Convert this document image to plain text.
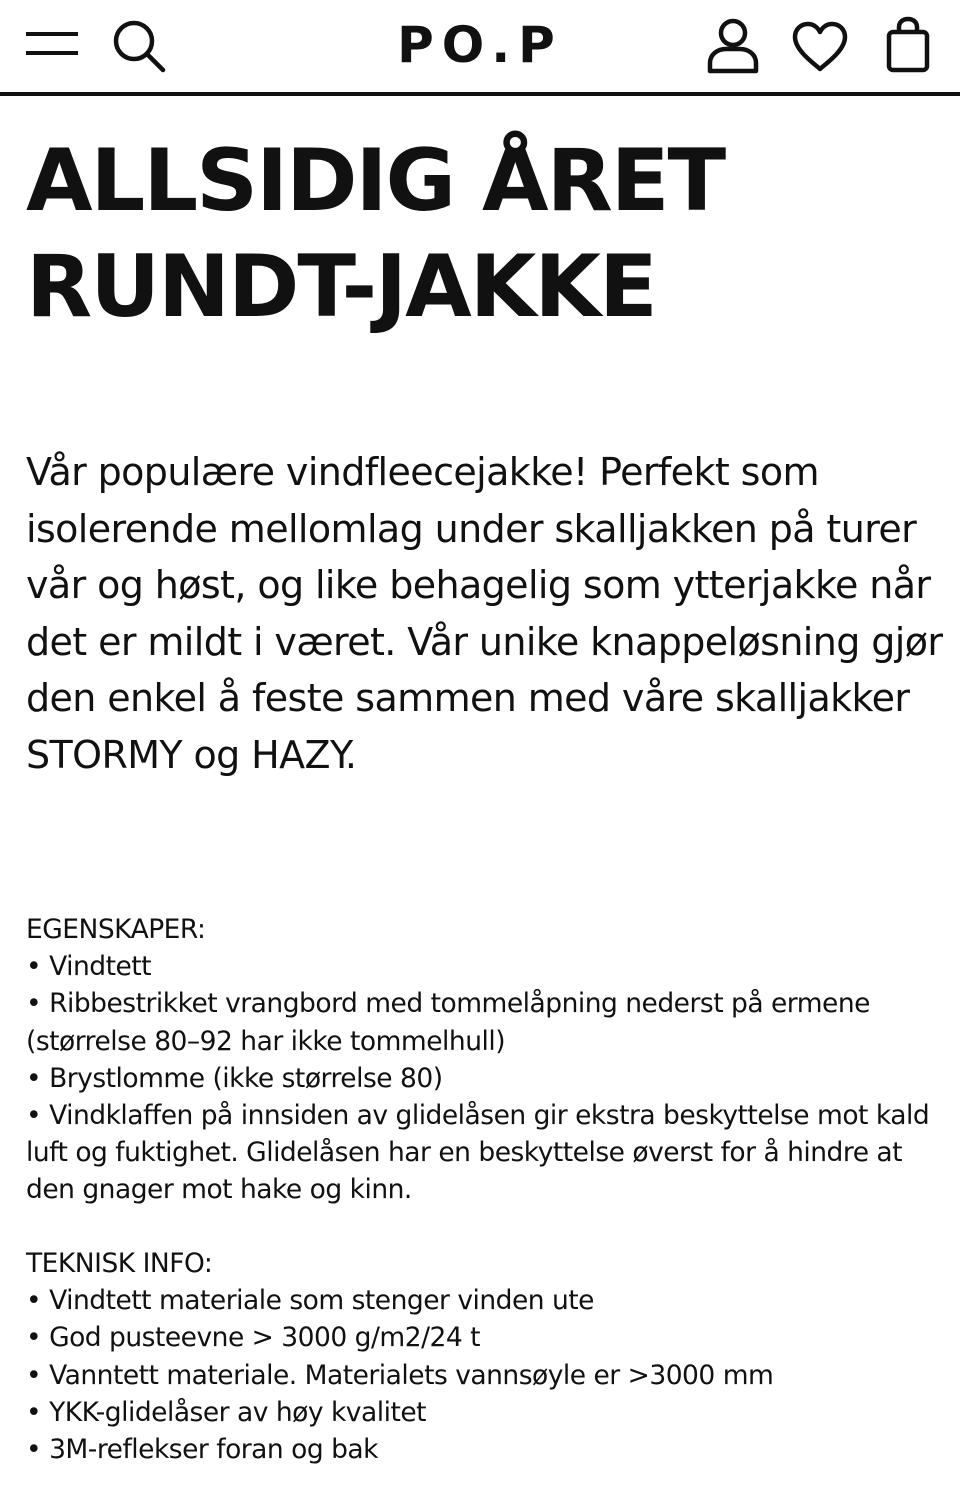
PO.P
ALLSIDIG ÅRET RUNDT-JAKKE

Vår populære vindfleecejakke! Perfekt som isolerende mellomlag under skalljakken på turer vår og høst, og like behagelig som ytterjakke når det er mildt i været. Vår unike knappeløsning gjør den enkel å feste sammen med våre skalljakker STORMY og HAZY.

EGENSKAPER:
• Vindtett
• Ribbestrikket vrangbord med tommelåpning nederst på ermene (størrelse 80–92 har ikke tommelhull)
• Brystlomme (ikke størrelse 80)
• Vindklaffen på innsiden av glidelåsen gir ekstra beskyttelse mot kald luft og fuktighet. Glidelåsen har en beskyttelse øverst for å hindre at den gnager mot hake og kinn.
TEKNISK INFO:
• Vindtett materiale som stenger vinden ute
• God pusteevne > 3000 g/m2/24 t
• Vanntett materiale. Materialets vannsøyle er >3000 mm
• YKK-glidelåser av høy kvalitet
• 3M-reflekser foran og bak
